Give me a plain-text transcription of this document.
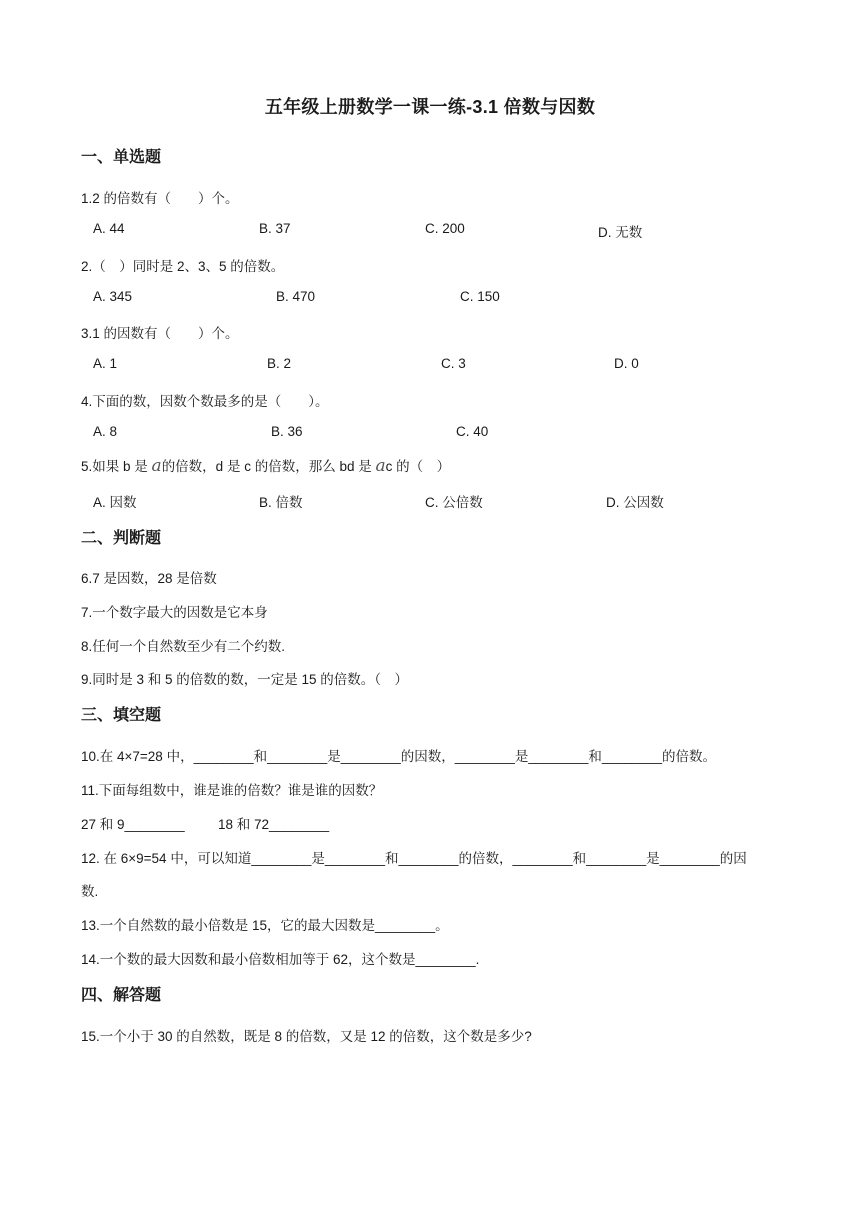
五年级上册数学一课一练-3.1 倍数与因数
一、单选题
1.2 的倍数有（　　）个。
A. 44	B. 37	C. 200	D. 无数
2.（　）同时是 2、3、5 的倍数。
A. 345	B. 470	C. 150
3.1 的因数有（　　）个。
A. 1	B. 2	C. 3	D. 0
4.下面的数，因数个数最多的是（　　）。
A. 8	B. 36	C. 40
5.如果 b 是 a的倍数，d 是 c 的倍数，那么 bd 是 ac 的（　）
A. 因数	B. 倍数	C. 公倍数	D. 公因数
二、判断题
6.7 是因数，28 是倍数
7.一个数字最大的因数是它本身
8.任何一个自然数至少有二个约数.
9.同时是 3 和 5 的倍数的数，一定是 15 的倍数。（　）
三、填空题
10.在 4×7=28 中，________和________是________的因数，________是________和________的倍数。
11.下面每组数中，谁是谁的倍数？谁是谁的因数？
27 和 9________ 18 和 72________
12. 在 6×9=54 中，可以知道________是________和________的倍数，________和________是________的因
数.
13.一个自然数的最小倍数是 15，它的最大因数是________。
14.一个数的最大因数和最小倍数相加等于 62，这个数是________.
四、解答题
15.一个小于 30 的自然数，既是 8 的倍数，又是 12 的倍数，这个数是多少?
